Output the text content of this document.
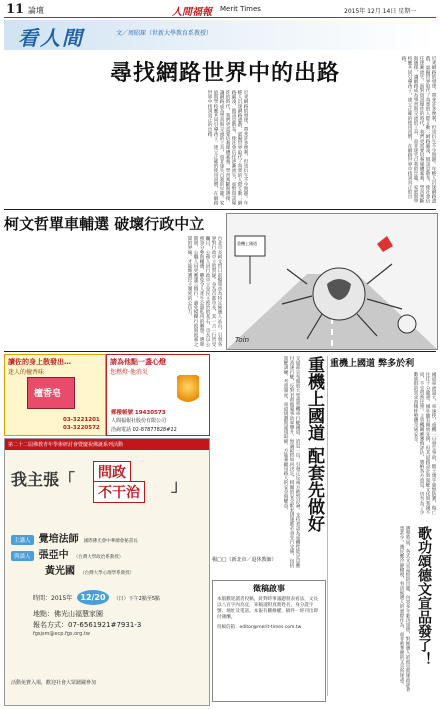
11 論壇	人間福報 Merit Times	2015年 12月 14日 星期一
看人間	文／周昭琛（世新大學教育系教授）
尋找網路世界中的出路	近來網路的發達，帶來許多便利，但也衍生不少問題。年輕人沉迷網路遊戲，虛擬世界取代了真實的人際互動；網路霸凌、假訊息散布，使社會信任逐漸流失。面對資訊爆炸的時代，我們更需要培養媒體素養，學習判斷與選擇，讓網路成為學習與交流的工具，而非迷失自我的牢籠。家庭與學校應共同引導孩子，建立正確的使用習慣，在網路世界中找到真正的出路。
近來網路的發達，帶來許多便利，但也衍生不少問題。年輕人沉迷網路遊戲，虛擬世界取代了真實的人際互動；網路霸凌、假訊息散布，使社會信任逐漸流失。面對資訊爆炸的時代，我們更需要培養媒體素養，學習判斷與選擇，讓網路成為學習與交流的工具，而非迷失自我的牢籠。家庭與學校應共同引導孩子，建立正確的使用習慣，在網路世界中找到真正的出路。
柯文哲單車輔選 破壞行政中立
台北市長柯文哲日前騎單車為特定候選人站台，引發各界對行政中立的質疑。身為首都市長，其一言一行皆受矚目，公務人員行政中立是民主政治的基石，市長以公務身分參與輔選，難免令人產生公器私用的聯想。選舉期間，公職人員更應謹言慎行，避免模糊行政與政黨之間的界線，才能維護民主制度的公信力。	重機上國道
Toin
讀佐的身上散發出…
迷人的檀香味
檀香皂
03-3221201
03-3220572
請為他點一盞心燈
您燃燈‧他消災
郵撥帳號 19430573
人間福報社股份有限公司
洽詢電話 02-87877828#22
第二十二屆佛教青年學術研討會暨慶祝佛誕系列活動
我主張「	問政
不干治	」
主講人 覺培法師 國際佛光會中華總會秘書長
與談人 張亞中 （台灣大學政治系教授）
黃光國 （台灣大學心理學系教授）
時間：2015年 12/20 （日）下午2點至5點
地點：佛光山福慧家園
報名方式：07-6561921#7931-3
fgsjsm@ecp.fgs.org.tw
活動免費入場，歡迎社會大眾踴躍參加
重機上國道 配套先做好
交通部宣布開放大型重型機車行駛國道，消息一出，引發正反兩方熱烈討論。支持者認為重機性能足以應付高速行駛，反對者則擔憂事故率攀升。無論最終如何決定，相關的安全配套措施都必須先行完備，包括駕駛訓練、考照制度、車道規劃與違規取締，方能兼顧用路人的安全與權益。
楊□□（新北市／退休教師）
重機上國道 弊多於利
國道車流量大、車速快，重機一旦發生事故，騎士幾乎毫無防護，傷亡往往十分嚴重。國外雖有開放先例，但其道路設計與駕駛文化與我國不同，不宜貿然比照。主管機關應審慎評估，廣納各方意見，切勿為了少數族群的需求而犧牲整體交通安全。
歌功頌德文宣品發了！
選舉將屆，各式文宣品紛紛出籠，內容多半歌功頌德，對候選人的政見與施政卻著墨甚少。選民應冷靜檢視，看清候選人的實際作為，而非被華麗的文宣所迷惑。
徵稿啟事
本版歡迎讀者投稿，針對時事議題發表看法，文長以八百字內為宜，來稿請附真實姓名、身分證字號、地址及電話。本報有刪修權，稿件一經刊出即付薄酬。
投稿信箱：editor@merit-times.com.tw
